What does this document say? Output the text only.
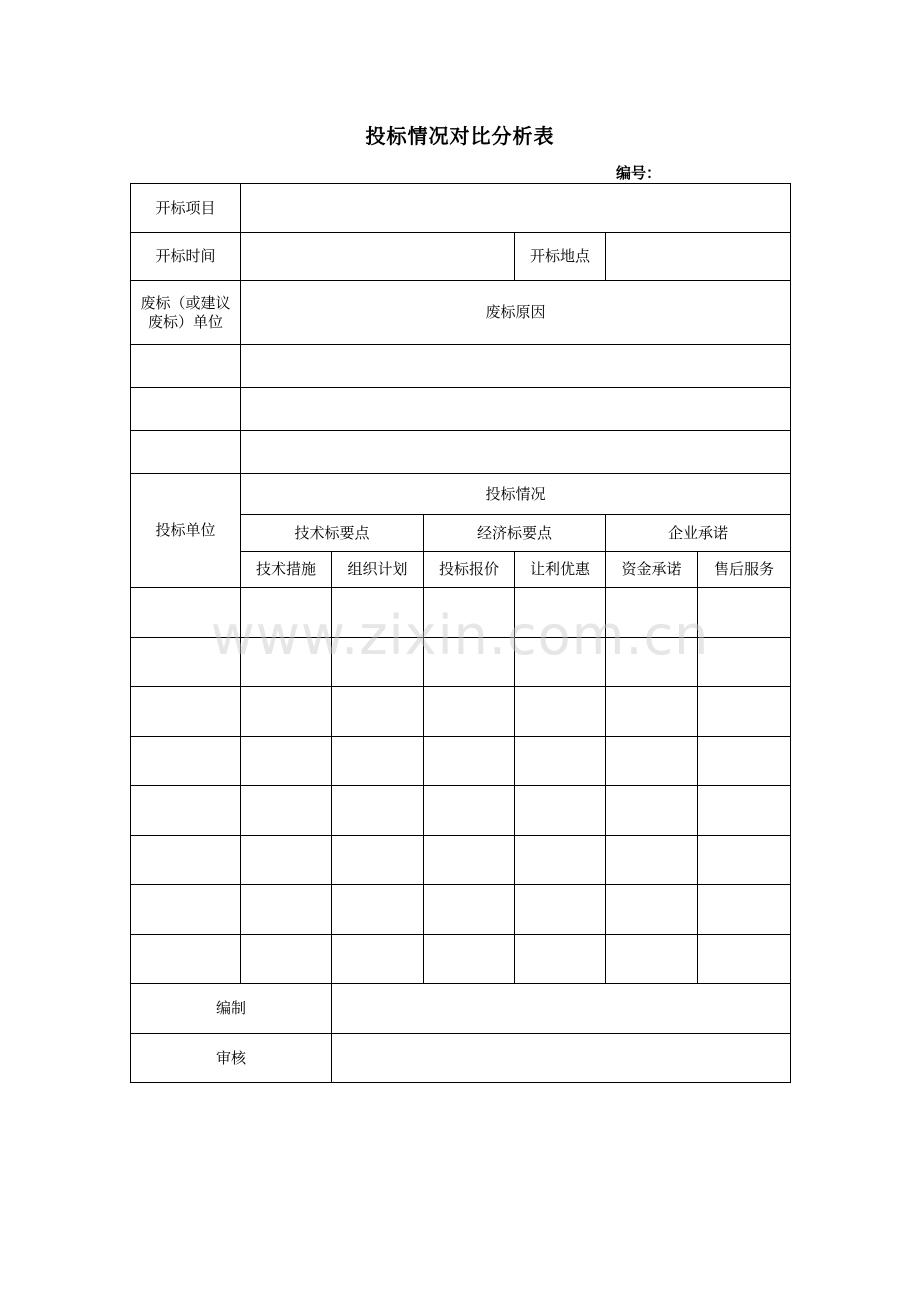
投标情况对比分析表
编号：
开标项目						
开标时间				开标地点		
废标（或建议废标）单位	废标原因					

投标单位	投标情况					
	技术标要点		经济标要点		企业承诺	
	技术措施	组织计划	投标报价	让利优惠	资金承诺	售后服务

编制						
审核						
www.zixin.com.cn
